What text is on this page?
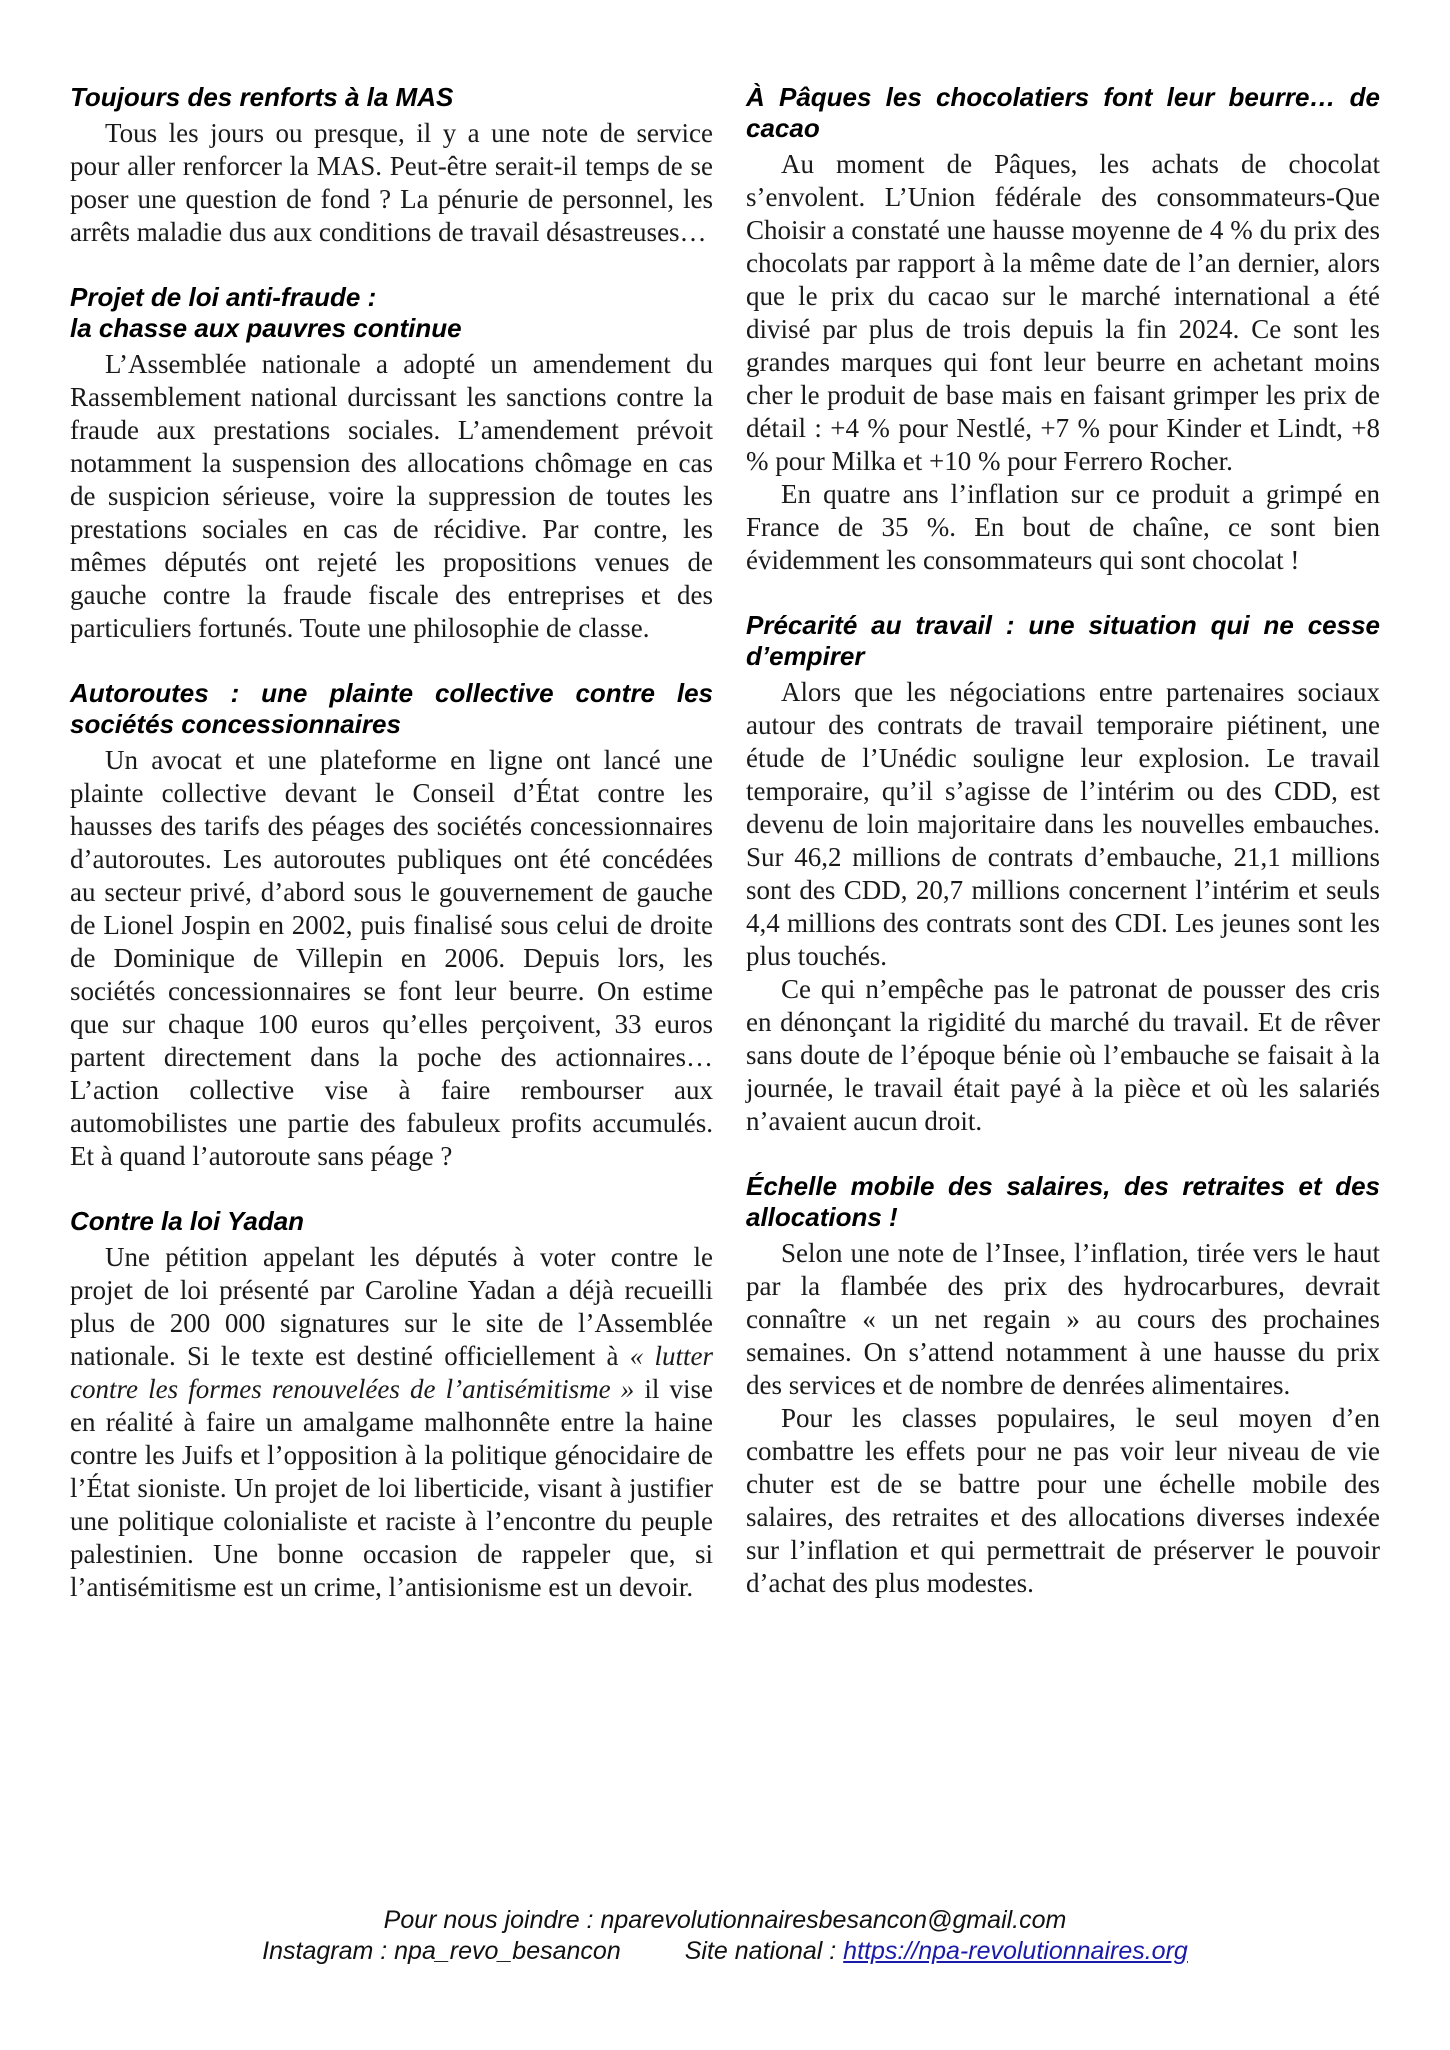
Toujours des renforts à la MAS

Tous les jours ou presque, il y a une note de service pour aller renforcer la MAS. Peut-être serait-il temps de se poser une question de fond ? La pénurie de personnel, les arrêts maladie dus aux conditions de travail désastreuses…

Projet de loi anti-fraude :
la chasse aux pauvres continue

L’Assemblée nationale a adopté un amendement du Rassemblement national durcissant les sanctions contre la fraude aux prestations sociales. L’amendement prévoit notamment la suspension des allocations chômage en cas de suspicion sérieuse, voire la suppression de toutes les prestations sociales en cas de récidive. Par contre, les mêmes députés ont rejeté les propositions venues de gauche contre la fraude fiscale des entreprises et des particuliers fortunés. Toute une philosophie de classe.

Autoroutes : une plainte collective contre les sociétés concessionnaires

Un avocat et une plateforme en ligne ont lancé une plainte collective devant le Conseil d’État contre les hausses des tarifs des péages des sociétés concessionnaires d’autoroutes. Les autoroutes publiques ont été concédées au secteur privé, d’abord sous le gouvernement de gauche de Lionel Jospin en 2002, puis finalisé sous celui de droite de Dominique de Villepin en 2006. Depuis lors, les sociétés concessionnaires se font leur beurre. On estime que sur chaque 100 euros qu’elles perçoivent, 33 euros partent directement dans la poche des actionnaires… L’action collective vise à faire rembourser aux automobilistes une partie des fabuleux profits accumulés. Et à quand l’autoroute sans péage ?

Contre la loi Yadan

Une pétition appelant les députés à voter contre le projet de loi présenté par Caroline Yadan a déjà recueilli plus de 200 000 signatures sur le site de l’Assemblée nationale. Si le texte est destiné officiellement à « lutter contre les formes renouvelées de l’antisémitisme » il vise en réalité à faire un amalgame malhonnête entre la haine contre les Juifs et l’opposition à la politique génocidaire de l’État sioniste. Un projet de loi liberticide, visant à justifier une politique colonialiste et raciste à l’encontre du peuple palestinien. Une bonne occasion de rappeler que, si l’antisémitisme est un crime, l’antisionisme est un devoir.

À Pâques les chocolatiers font leur beurre… de cacao

Au moment de Pâques, les achats de chocolat s’envolent. L’Union fédérale des consommateurs-Que Choisir a constaté une hausse moyenne de 4 % du prix des chocolats par rapport à la même date de l’an dernier, alors que le prix du cacao sur le marché international a été divisé par plus de trois depuis la fin 2024. Ce sont les grandes marques qui font leur beurre en achetant moins cher le produit de base mais en faisant grimper les prix de détail : +4 % pour Nestlé, +7 % pour Kinder et Lindt, +8 % pour Milka et +10 % pour Ferrero Rocher.

En quatre ans l’inflation sur ce produit a grimpé en France de 35 %. En bout de chaîne, ce sont bien évidemment les consommateurs qui sont chocolat !

Précarité au travail : une situation qui ne cesse d’empirer

Alors que les négociations entre partenaires sociaux autour des contrats de travail temporaire piétinent, une étude de l’Unédic souligne leur explosion. Le travail temporaire, qu’il s’agisse de l’intérim ou des CDD, est devenu de loin majoritaire dans les nouvelles embauches. Sur 46,2 millions de contrats d’embauche, 21,1 millions sont des CDD, 20,7 millions concernent l’intérim et seuls 4,4 millions des contrats sont des CDI. Les jeunes sont les plus touchés.

Ce qui n’empêche pas le patronat de pousser des cris en dénonçant la rigidité du marché du travail. Et de rêver sans doute de l’époque bénie où l’embauche se faisait à la journée, le travail était payé à la pièce et où les salariés n’avaient aucun droit.

Échelle mobile des salaires, des retraites et des allocations !

Selon une note de l’Insee, l’inflation, tirée vers le haut par la flambée des prix des hydrocarbures, devrait connaître « un net regain » au cours des prochaines semaines. On s’attend notamment à une hausse du prix des services et de nombre de denrées alimentaires.

Pour les classes populaires, le seul moyen d’en combattre les effets pour ne pas voir leur niveau de vie chuter est de se battre pour une échelle mobile des salaires, des retraites et des allocations diverses indexée sur l’inflation et qui permettrait de préserver le pouvoir d’achat des plus modestes.

Pour nous joindre : nparevolutionnairesbesancon@gmail.com
Instagram : npa_revo_besancon	Site national : https://npa-revolutionnaires.org
